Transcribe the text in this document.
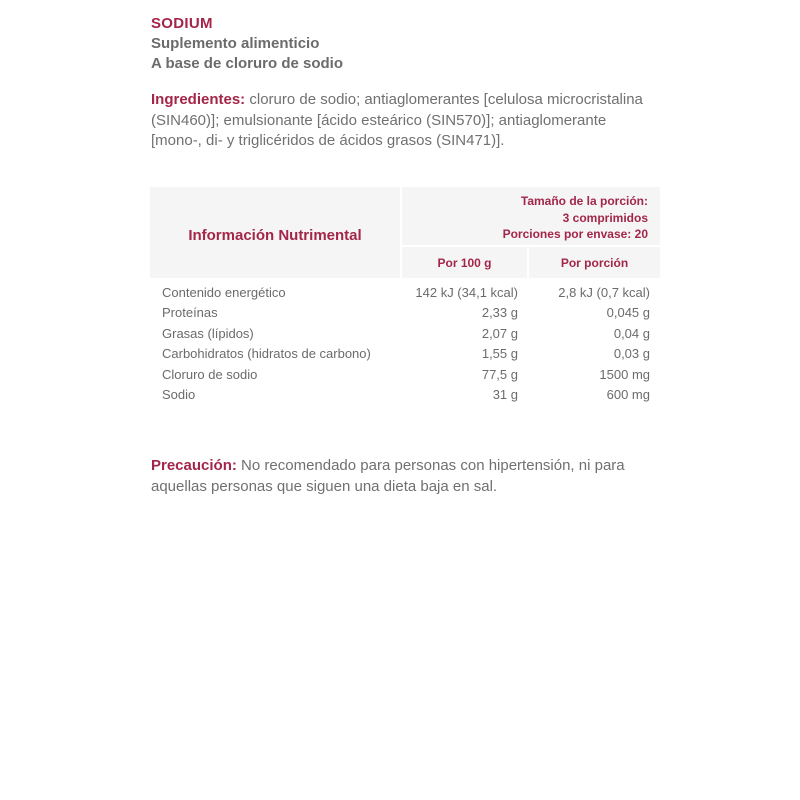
SODIUM
Suplemento alimenticio
A base de cloruro de sodio
Ingredientes: cloruro de sodio; antiaglomerantes [celulosa microcristalina (SIN460)]; emulsionante [ácido esteárico (SIN570)]; antiaglomerante [mono-, di- y triglicéridos de ácidos grasos (SIN471)].
Información Nutrimental
Tamaño de la porción:
3 comprimidos
Porciones por envase: 20
Por 100 g	Por porción
Contenido energético	142 kJ (34,1 kcal)	2,8 kJ (0,7 kcal)
Proteínas	2,33 g	0,045 g
Grasas (lípidos)	2,07 g	0,04 g
Carbohidratos (hidratos de carbono)	1,55 g	0,03 g
Cloruro de sodio	77,5 g	1500 mg
Sodio	31 g	600 mg
Precaución: No recomendado para personas con hipertensión, ni para aquellas personas que siguen una dieta baja en sal.
